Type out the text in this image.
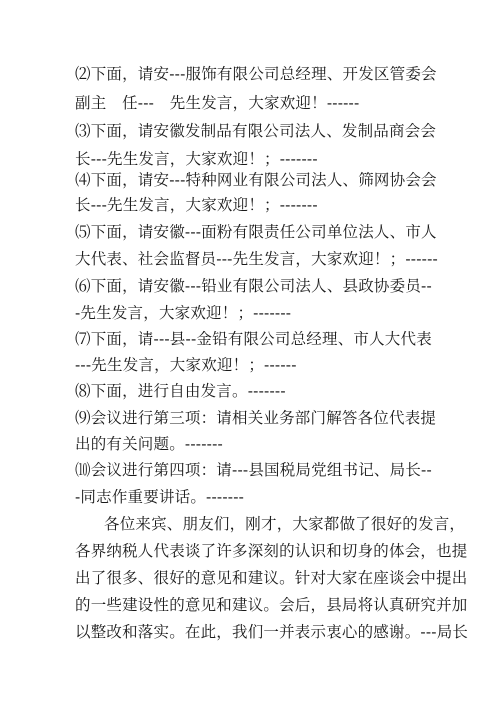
⑵下面，请安---服饰有限公司总经理、开发区管委会
副主　任---　先生发言，大家欢迎！------
⑶下面，请安徽发制品有限公司法人、发制品商会会
长---先生发言，大家欢迎！；-------
⑷下面，请安---特种网业有限公司法人、筛网协会会
长---先生发言，大家欢迎！；-------
⑸下面，请安徽---面粉有限责任公司单位法人、市人
大代表、社会监督员---先生发言，大家欢迎！；------
⑹下面，请安徽---铅业有限公司法人、县政协委员--
-先生发言，大家欢迎！；-------
⑺下面，请---县--金铅有限公司总经理、市人大代表
---先生发言，大家欢迎！；------
⑻下面，进行自由发言。-------
⑼会议进行第三项：请相关业务部门解答各位代表提
出的有关问题。-------
⑽会议进行第四项：请---县国税局党组书记、局长--
-同志作重要讲话。-------
各位来宾、朋友们，刚才，大家都做了很好的发言，
各界纳税人代表谈了许多深刻的认识和切身的体会，也提
出了很多、很好的意见和建议。针对大家在座谈会中提出
的一些建设性的意见和建议。会后，县局将认真研究并加
以整改和落实。在此，我们一并表示衷心的感谢。---局长
